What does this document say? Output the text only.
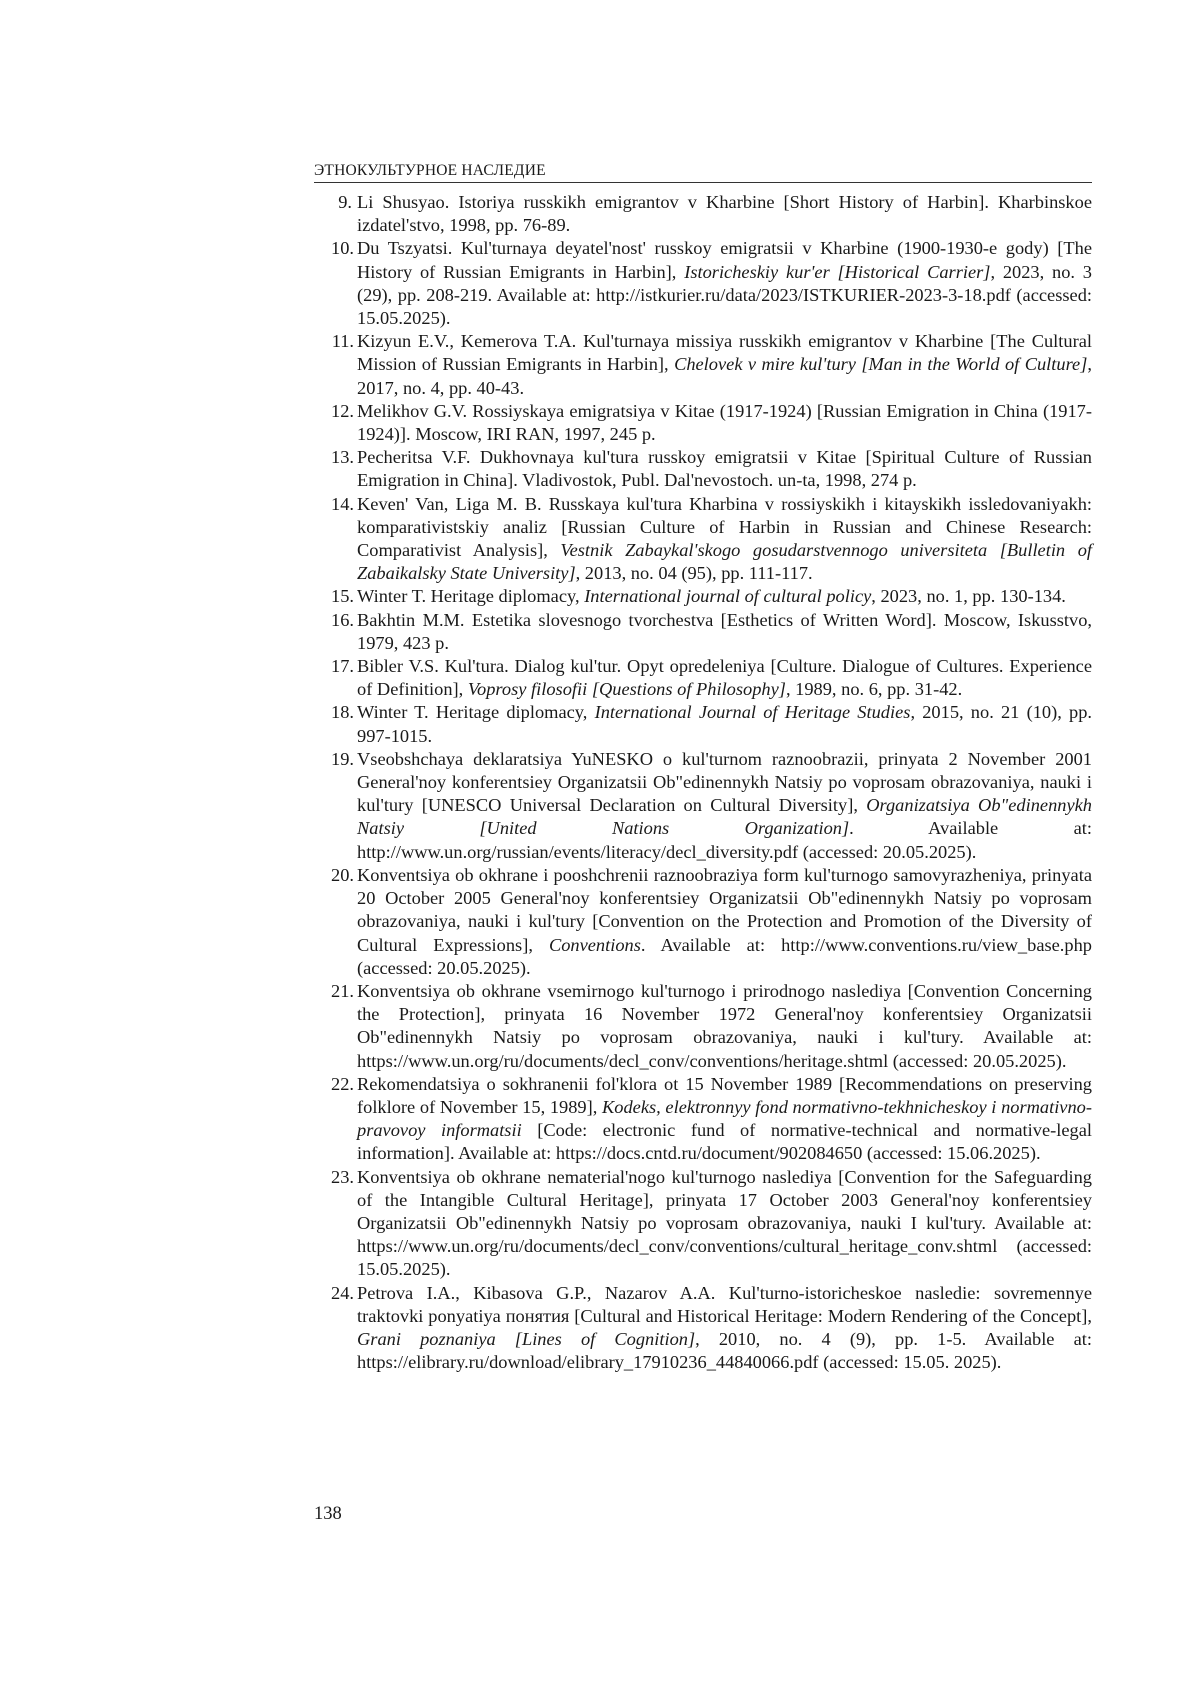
ЭТНОКУЛЬТУРНОЕ НАСЛЕДИЕ
9. Li Shusyao. Istoriya russkikh emigrantov v Kharbine [Short History of Harbin]. Kharbinskoe izdatel'stvo, 1998, pp. 76-89.
10. Du Tszyatsi. Kul'turnaya deyatel'nost' russkoy emigratsii v Kharbine (1900-1930-e gody) [The History of Russian Emigrants in Harbin], Istoricheskiy kur'er [Historical Carrier], 2023, no. 3 (29), pp. 208-219. Available at: http://istkurier.ru/data/2023/ISTKURIER-2023-3-18.pdf (accessed: 15.05.2025).
11. Kizyun E.V., Kemerova T.A. Kul'turnaya missiya russkikh emigrantov v Kharbine [The Cultural Mission of Russian Emigrants in Harbin], Chelovek v mire kul'tury [Man in the World of Culture], 2017, no. 4, pp. 40-43.
12. Melikhov G.V. Rossiyskaya emigratsiya v Kitae (1917-1924) [Russian Emigration in China (1917-1924)]. Moscow, IRI RAN, 1997, 245 p.
13. Pecheritsa V.F. Dukhovnaya kul'tura russkoy emigratsii v Kitae [Spiritual Culture of Russian Emigration in China]. Vladivostok, Publ. Dal'nevostoch. un-ta, 1998, 274 p.
14. Keven' Van, Liga M. B. Russkaya kul'tura Kharbina v rossiyskikh i kitayskikh issledovaniyakh: komparativistskiy analiz [Russian Culture of Harbin in Russian and Chinese Research: Comparativist Analysis], Vestnik Zabaykal'skogo gosudarstvennogo universiteta [Bulletin of Zabaikalsky State University], 2013, no. 04 (95), pp. 111-117.
15. Winter T. Heritage diplomacy, International journal of cultural policy, 2023, no. 1, pp. 130-134.
16. Bakhtin M.M. Estetika slovesnogo tvorchestva [Esthetics of Written Word]. Moscow, Iskusstvo, 1979, 423 p.
17. Bibler V.S. Kul'tura. Dialog kul'tur. Opyt opredeleniya [Culture. Dialogue of Cultures. Experience of Definition], Voprosy filosofii [Questions of Philosophy], 1989, no. 6, pp. 31-42.
18. Winter T. Heritage diplomacy, International Journal of Heritage Studies, 2015, no. 21 (10), pp. 997-1015.
19. Vseobshchaya deklaratsiya YuNESKO o kul'turnom raznoobrazii, prinyata 2 November 2001 General'noy konferentsiey Organizatsii Ob"edinennykh Natsiy po voprosam obrazovaniya, nauki i kul'tury [UNESCO Universal Declaration on Cultural Diversity], Organizatsiya Ob"edinennykh Natsiy [United Nations Organization]. Available at: http://www.un.org/russian/events/literacy/decl_diversity.pdf (accessed: 20.05.2025).
20. Konventsiya ob okhrane i pooshchrenii raznoobraziya form kul'turnogo samovyrazheniya, prinyata 20 October 2005 General'noy konferentsiey Organizatsii Ob"edinennykh Natsiy po voprosam obrazovaniya, nauki i kul'tury [Convention on the Protection and Promotion of the Diversity of Cultural Expressions], Conventions. Available at: http://www.conventions.ru/view_base.php (accessed: 20.05.2025).
21. Konventsiya ob okhrane vsemirnogo kul'turnogo i prirodnogo naslediya [Convention Concerning the Protection], prinyata 16 November 1972 General'noy konferentsiey Organizatsii Ob"edinennykh Natsiy po voprosam obrazovaniya, nauki i kul'tury. Available at: https://www.un.org/ru/documents/decl_conv/conventions/heritage.shtml (accessed: 20.05.2025).
22. Rekomendatsiya o sokhranenii fol'klora ot 15 November 1989 [Recommendations on preserving folklore of November 15, 1989], Kodeks, elektronnyy fond normativno-tekhnicheskoy i normativno-pravovoy informatsii [Code: electronic fund of normative-technical and normative-legal information]. Available at: https://docs.cntd.ru/document/902084650 (accessed: 15.06.2025).
23. Konventsiya ob okhrane nematerial'nogo kul'turnogo naslediya [Convention for the Safeguarding of the Intangible Cultural Heritage], prinyata 17 October 2003 General'noy konferentsiey Organizatsii Ob"edinennykh Natsiy po voprosam obrazovaniya, nauki I kul'tury. Available at: https://www.un.org/ru/documents/decl_conv/conventions/cultural_heritage_conv.shtml (accessed: 15.05.2025).
24. Petrova I.A., Kibasova G.P., Nazarov A.A. Kul'turno-istoricheskoe nasledie: sovremennye traktovki ponyatiya понятия [Cultural and Historical Heritage: Modern Rendering of the Concept], Grani poznaniya [Lines of Cognition], 2010, no. 4 (9), pp. 1-5. Available at: https://elibrary.ru/download/elibrary_17910236_44840066.pdf (accessed: 15.05. 2025).
138
